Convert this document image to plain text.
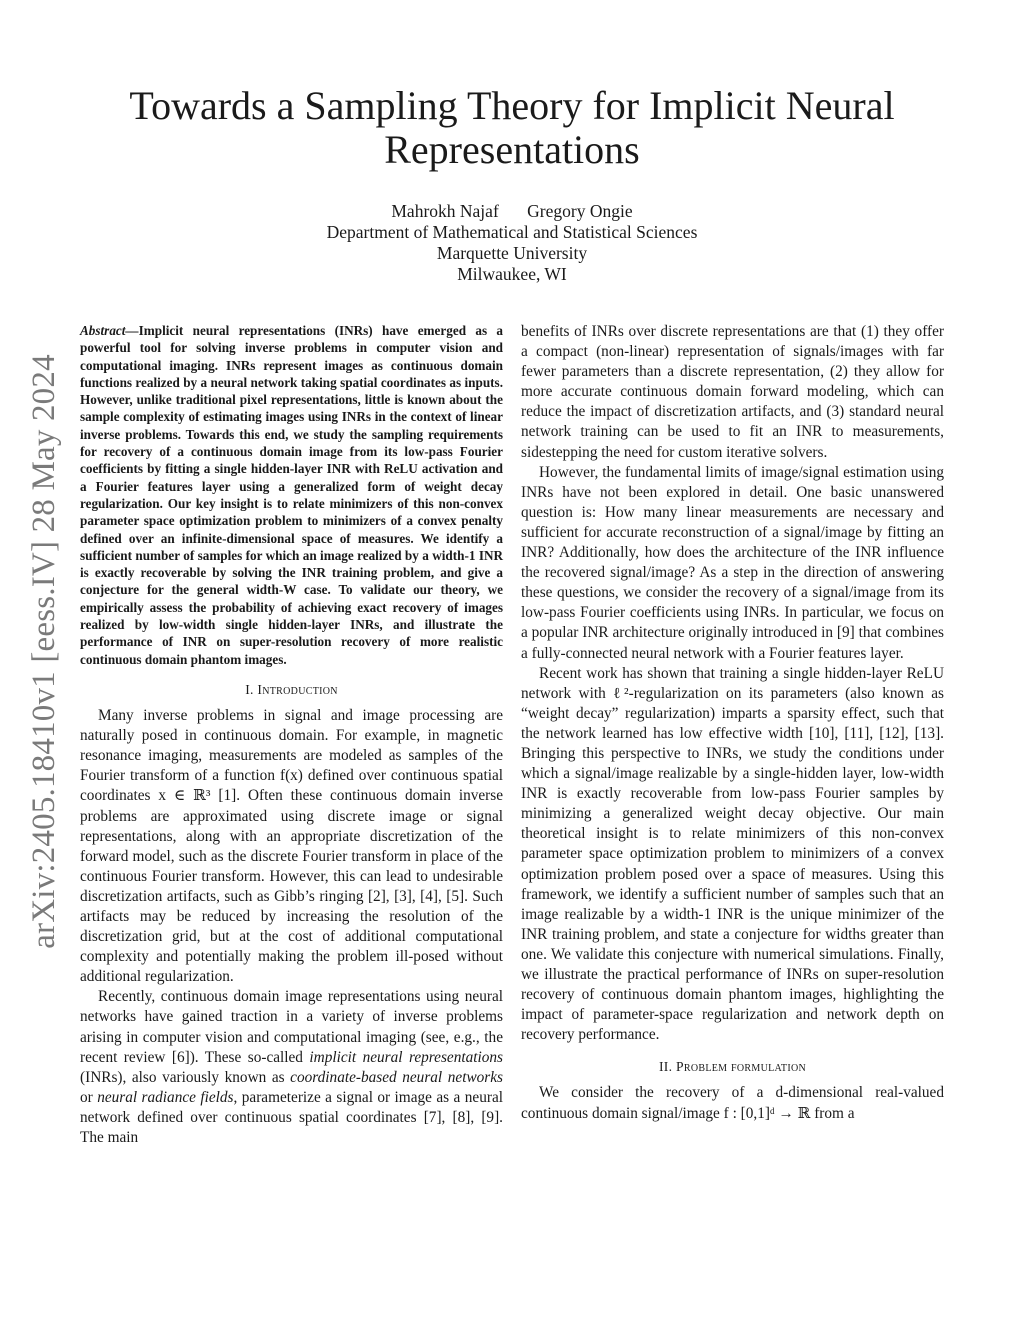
arXiv:2405.18410v1 [eess.IV] 28 May 2024
Towards a Sampling Theory for Implicit Neural Representations
Mahrokh Najaf Gregory Ongie
Department of Mathematical and Statistical Sciences
Marquette University
Milwaukee, WI

Abstract—Implicit neural representations (INRs) have emerged as a powerful tool for solving inverse problems in computer vision and computational imaging. INRs represent images as continuous domain functions realized by a neural network taking spatial coordinates as inputs. However, unlike traditional pixel representations, little is known about the sample complexity of estimating images using INRs in the context of linear inverse problems. Towards this end, we study the sampling requirements for recovery of a continuous domain image from its low-pass Fourier coefficients by fitting a single hidden-layer INR with ReLU activation and a Fourier features layer using a generalized form of weight decay regularization. Our key insight is to relate minimizers of this non-convex parameter space optimization problem to minimizers of a convex penalty defined over an infinite-dimensional space of measures. We identify a sufficient number of samples for which an image realized by a width-1 INR is exactly recoverable by solving the INR training problem, and give a conjecture for the general width-W case. To validate our theory, we empirically assess the probability of achieving exact recovery of images realized by low-width single hidden-layer INRs, and illustrate the performance of INR on super-resolution recovery of more realistic continuous domain phantom images.

I. Introduction

Many inverse problems in signal and image processing are naturally posed in continuous domain. For example, in magnetic resonance imaging, measurements are modeled as samples of the Fourier transform of a function f(x) defined over continuous spatial coordinates x ∈ ℝ³ [1]. Often these continuous domain inverse problems are approximated using discrete image or signal representations, along with an appropriate discretization of the forward model, such as the discrete Fourier transform in place of the continuous Fourier transform. However, this can lead to undesirable discretization artifacts, such as Gibb’s ringing [2], [3], [4], [5]. Such artifacts may be reduced by increasing the resolution of the discretization grid, but at the cost of additional computational complexity and potentially making the problem ill-posed without additional regularization.

Recently, continuous domain image representations using neural networks have gained traction in a variety of inverse problems arising in computer vision and computational imaging (see, e.g., the recent review [6]). These so-called implicit neural representations (INRs), also variously known as coordinate-based neural networks or neural radiance fields, parameterize a signal or image as a neural network defined over continuous spatial coordinates [7], [8], [9]. The main

benefits of INRs over discrete representations are that (1) they offer a compact (non-linear) representation of signals/images with far fewer parameters than a discrete representation, (2) they allow for more accurate continuous domain forward modeling, which can reduce the impact of discretization artifacts, and (3) standard neural network training can be used to fit an INR to measurements, sidestepping the need for custom iterative solvers.

However, the fundamental limits of image/signal estimation using INRs have not been explored in detail. One basic unanswered question is: How many linear measurements are necessary and sufficient for accurate reconstruction of a signal/image by fitting an INR? Additionally, how does the architecture of the INR influence the recovered signal/image? As a step in the direction of answering these questions, we consider the recovery of a signal/image from its low-pass Fourier coefficients using INRs. In particular, we focus on a popular INR architecture originally introduced in [9] that combines a fully-connected neural network with a Fourier features layer.

Recent work has shown that training a single hidden-layer ReLU network with ℓ²-regularization on its parameters (also known as “weight decay” regularization) imparts a sparsity effect, such that the network learned has low effective width [10], [11], [12], [13]. Bringing this perspective to INRs, we study the conditions under which a signal/image realizable by a single-hidden layer, low-width INR is exactly recoverable from low-pass Fourier samples by minimizing a generalized weight decay objective. Our main theoretical insight is to relate minimizers of this non-convex parameter space optimization problem to minimizers of a convex optimization problem posed over a space of measures. Using this framework, we identify a sufficient number of samples such that an image realizable by a width-1 INR is the unique minimizer of the INR training problem, and state a conjecture for widths greater than one. We validate this conjecture with numerical simulations. Finally, we illustrate the practical performance of INRs on super-resolution recovery of continuous domain phantom images, highlighting the impact of parameter-space regularization and network depth on recovery performance.

II. Problem formulation

We consider the recovery of a d-dimensional real-valued continuous domain signal/image f : [0,1]ᵈ → ℝ from a
